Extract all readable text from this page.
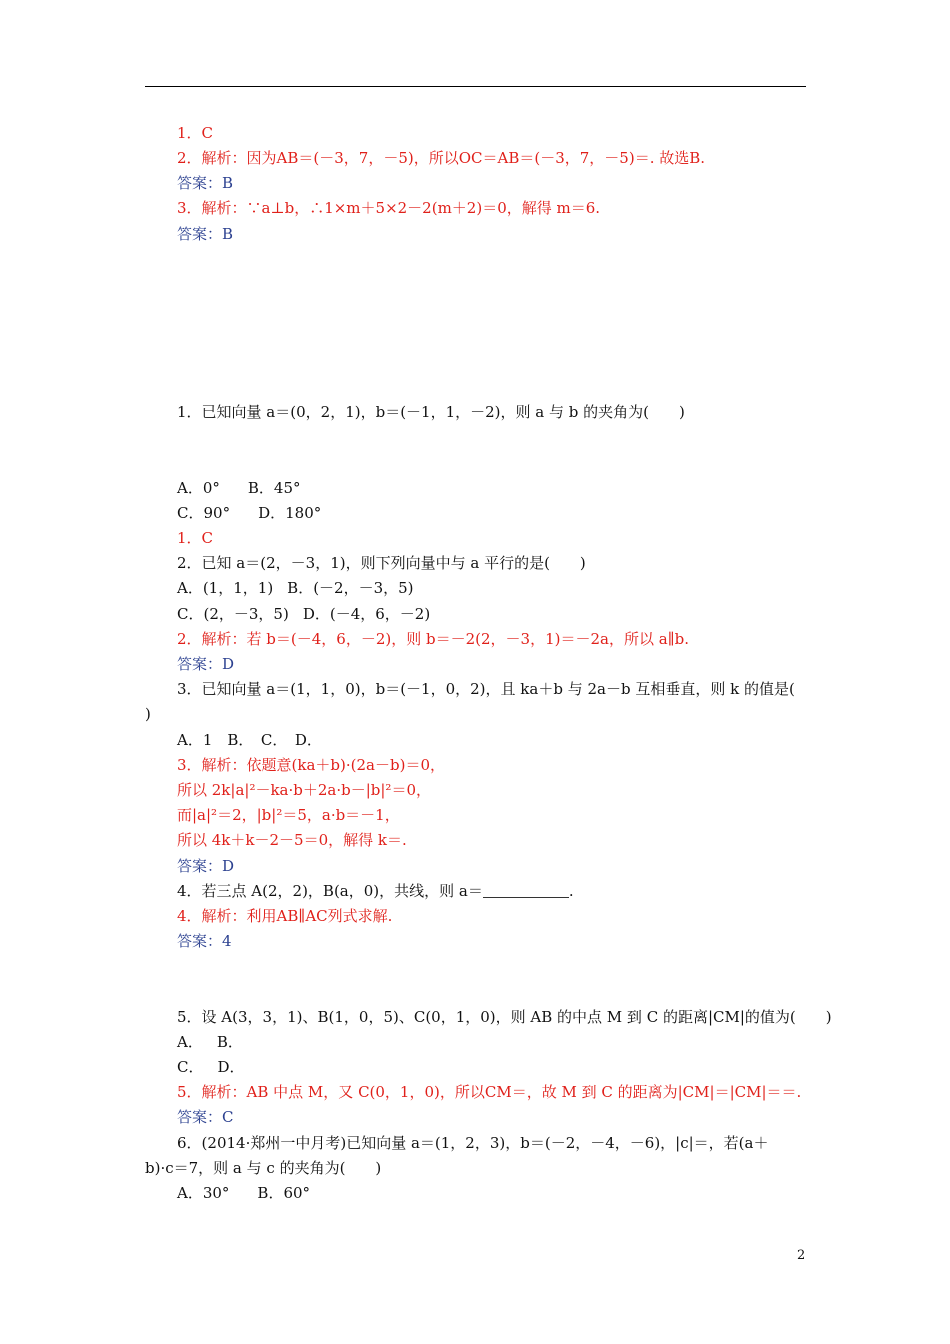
1．C
2．解析：因为AB＝(－3，7，－5)，所以OC＝AB＝(－3，7，－5)＝. 故选B.
答案：B
3．解析：∵a⊥b，∴1×m＋5×2－2(m＋2)＝0，解得 m＝6.
答案：B
1．已知向量 a＝(0，2，1)，b＝(－1，1，－2)，则 a 与 b 的夹角为(　　)
A．0° B．45°
C．90° D．180°
1．C
2．已知 a＝(2，－3，1)，则下列向量中与 a 平行的是(　　)
A．(1，1，1) B．(－2，－3，5)
C．(2，－3，5) D．(－4，6，－2)
2．解析：若 b＝(－4，6，－2)，则 b＝－2(2，－3，1)＝－2a，所以 a∥b.
答案：D
3．已知向量 a＝(1，1，0)，b＝(－1，0，2)，且 ka＋b 与 2a－b 互相垂直，则 k 的值是(
)
A．1　B．　C．　D．
3．解析：依题意(ka＋b)·(2a－b)＝0，
所以 2k|a|²－ka·b＋2a·b－|b|²＝0，
而|a|²＝2，|b|²＝5，a·b＝－1，
所以 4k＋k－2－5＝0，解得 k＝.
答案：D
4．若三点 A(2，2)，B(a，0)，共线，则 a＝	.
4．解析：利用AB∥AC列式求解.
答案：4
5．设 A(3，3，1)、B(1，0，5)、C(0，1，0)，则 AB 的中点 M 到 C 的距离|CM|的值为(　　)
A． B．
C． D．
5．解析：AB 中点 M，又 C(0，1，0)，所以CM＝，故 M 到 C 的距离为|CM|＝|CM|＝＝.
答案：C
6．(2014·郑州一中月考)已知向量 a＝(1，2，3)，b＝(－2，－4，－6)，|c|＝，若(a＋
b)·c＝7，则 a 与 c 的夹角为(　　)
A．30° B．60°
2
